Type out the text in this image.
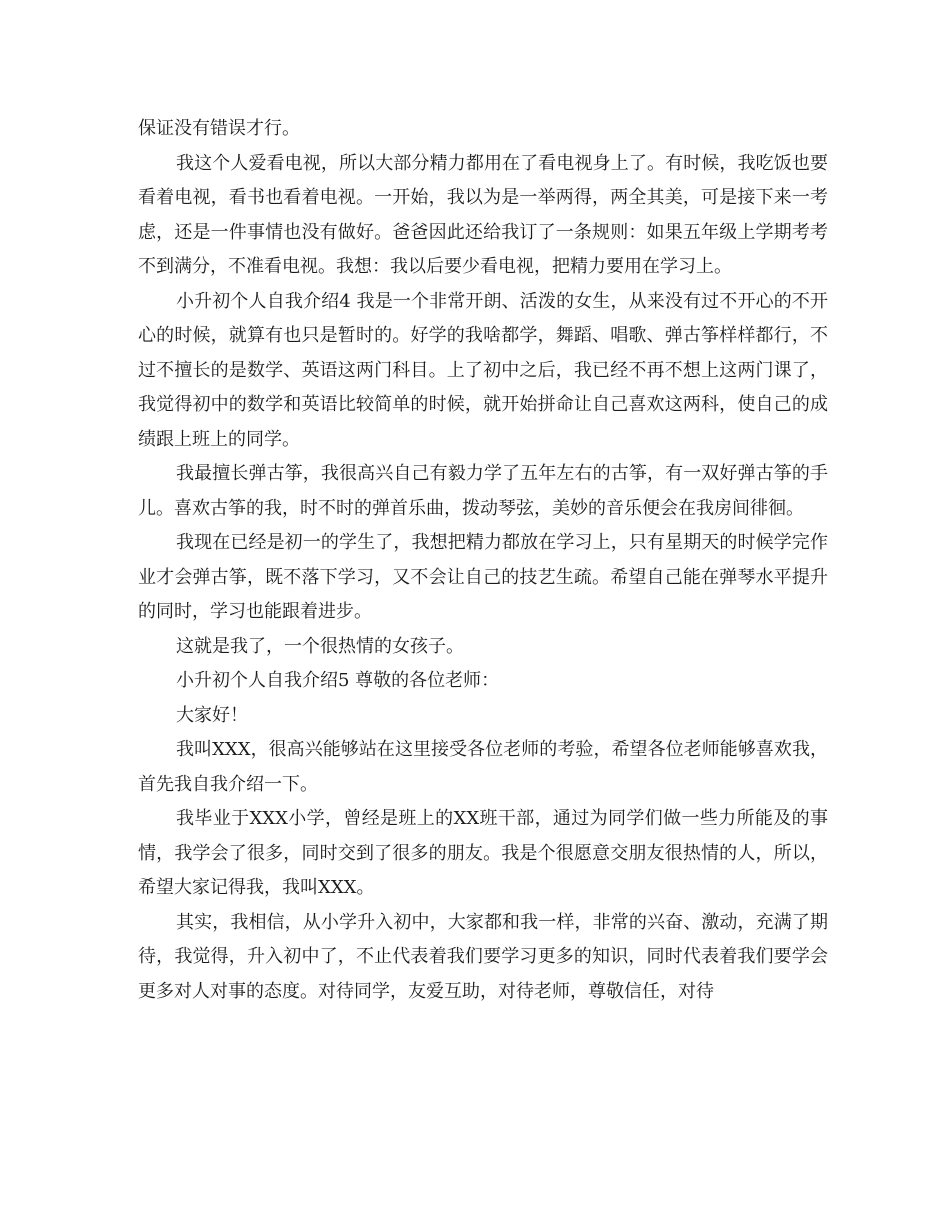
保证没有错误才行。

我这个人爱看电视，所以大部分精力都用在了看电视身上了。有时候，我吃饭也要看着电视，看书也看着电视。一开始，我以为是一举两得，两全其美，可是接下来一考虑，还是一件事情也没有做好。爸爸因此还给我订了一条规则：如果五年级上学期考考不到满分，不准看电视。我想：我以后要少看电视，把精力要用在学习上。

小升初个人自我介绍4 我是一个非常开朗、活泼的女生，从来没有过不开心的不开心的时候，就算有也只是暂时的。好学的我啥都学，舞蹈、唱歌、弹古筝样样都行，不过不擅长的是数学、英语这两门科目。上了初中之后，我已经不再不想上这两门课了，我觉得初中的数学和英语比较简单的时候，就开始拼命让自己喜欢这两科，使自己的成绩跟上班上的同学。

我最擅长弹古筝，我很高兴自己有毅力学了五年左右的古筝，有一双好弹古筝的手儿。喜欢古筝的我，时不时的弹首乐曲，拨动琴弦，美妙的音乐便会在我房间徘徊。

我现在已经是初一的学生了，我想把精力都放在学习上，只有星期天的时候学完作业才会弹古筝，既不落下学习，又不会让自己的技艺生疏。希望自己能在弹琴水平提升的同时，学习也能跟着进步。

这就是我了，一个很热情的女孩子。

小升初个人自我介绍5 尊敬的各位老师：

大家好！

我叫XXX，很高兴能够站在这里接受各位老师的考验，希望各位老师能够喜欢我，首先我自我介绍一下。

我毕业于XXX小学，曾经是班上的XX班干部，通过为同学们做一些力所能及的事情，我学会了很多，同时交到了很多的朋友。我是个很愿意交朋友很热情的人，所以，希望大家记得我，我叫XXX。

其实，我相信，从小学升入初中，大家都和我一样，非常的兴奋、激动，充满了期待，我觉得，升入初中了，不止代表着我们要学习更多的知识，同时代表着我们要学会更多对人对事的态度。对待同学，友爱互助，对待老师，尊敬信任，对待
